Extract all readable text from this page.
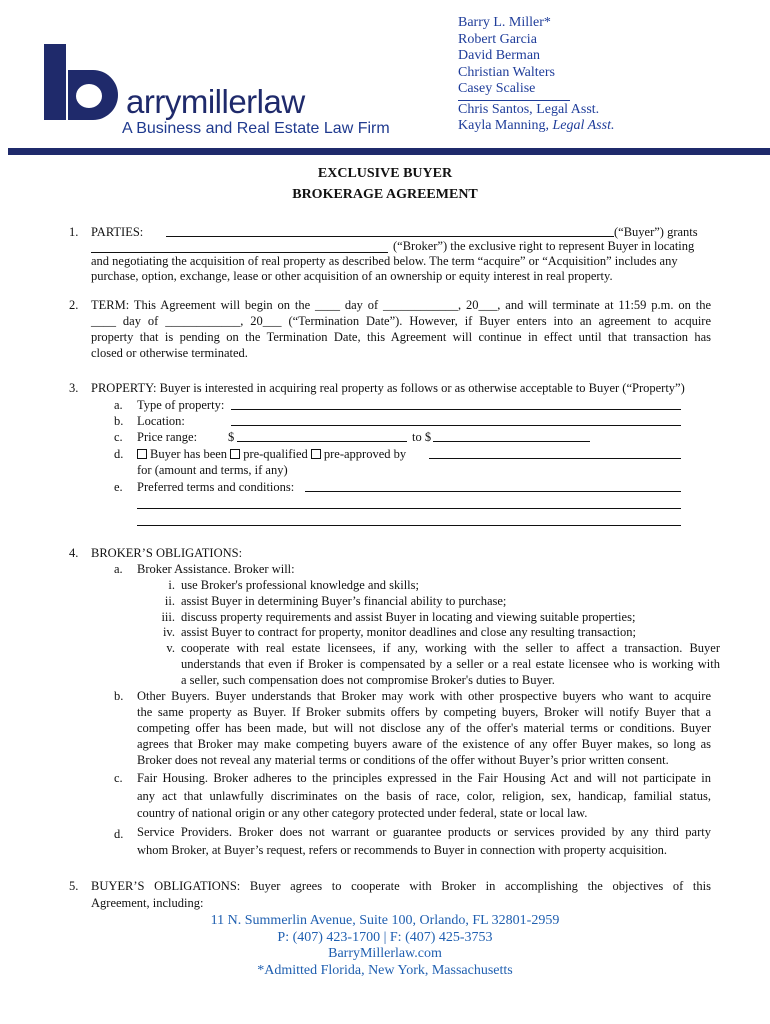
arrymillerlaw
A Business and Real Estate Law Firm
Barry L. Miller*
Robert Garcia
David Berman
Christian Walters
Casey Scalise
Chris Santos, Legal Asst.
Kayla Manning, Legal Asst.
EXCLUSIVE BUYER
BROKERAGE AGREEMENT
1. PARTIES:	(“Buyer”) grants
(“Broker”) the exclusive right to represent Buyer in locating
and negotiating the acquisition of real property as described below. The term “acquire” or “Acquisition” includes any
purchase, option, exchange, lease or other acquisition of an ownership or equity interest in real property.
2. TERM: This Agreement will begin on the ____ day of ____________, 20___, and will terminate at 11:59 p.m. on the
____ day of ____________, 20___ (“Termination Date”). However, if Buyer enters into an agreement to acquire
property that is pending on the Termination Date, this Agreement will continue in effect until that transaction has
closed or otherwise terminated.
3. PROPERTY: Buyer is interested in acquiring real property as follows or as otherwise acceptable to Buyer (“Property”)
a. Type of property:
b. Location:
c. Price range: $	to $
d.	Buyer has been pre-qualified pre-approved by
for (amount and terms, if any)
e. Preferred terms and conditions:
4. BROKER’S OBLIGATIONS:
a. Broker Assistance. Broker will:
i. use Broker's professional knowledge and skills;
ii. assist Buyer in determining Buyer’s financial ability to purchase;
iii. discuss property requirements and assist Buyer in locating and viewing suitable properties;
iv. assist Buyer to contract for property, monitor deadlines and close any resulting transaction;
v. cooperate with real estate licensees, if any, working with the seller to affect a transaction. Buyer
understands that even if Broker is compensated by a seller or a real estate licensee who is working with
a seller, such compensation does not compromise Broker's duties to Buyer.
b. Other Buyers. Buyer understands that Broker may work with other prospective buyers who want to acquire
the same property as Buyer. If Broker submits offers by competing buyers, Broker will notify Buyer that a
competing offer has been made, but will not disclose any of the offer's material terms or conditions. Buyer
agrees that Broker may make competing buyers aware of the existence of any offer Buyer makes, so long as
Broker does not reveal any material terms or conditions of the offer without Buyer’s prior written consent.
c. Fair Housing. Broker adheres to the principles expressed in the Fair Housing Act and will not participate in
any act that unlawfully discriminates on the basis of race, color, religion, sex, handicap, familial status,
country of national origin or any other category protected under federal, state or local law.
d. Service Providers. Broker does not warrant or guarantee products or services provided by any third party
whom Broker, at Buyer’s request, refers or recommends to Buyer in connection with property acquisition.
5. BUYER’S OBLIGATIONS: Buyer agrees to cooperate with Broker in accomplishing the objectives of this
Agreement, including:
11 N. Summerlin Avenue, Suite 100, Orlando, FL 32801-2959
P: (407) 423-1700 | F: (407) 425-3753
BarryMillerlaw.com
*Admitted Florida, New York, Massachusetts
